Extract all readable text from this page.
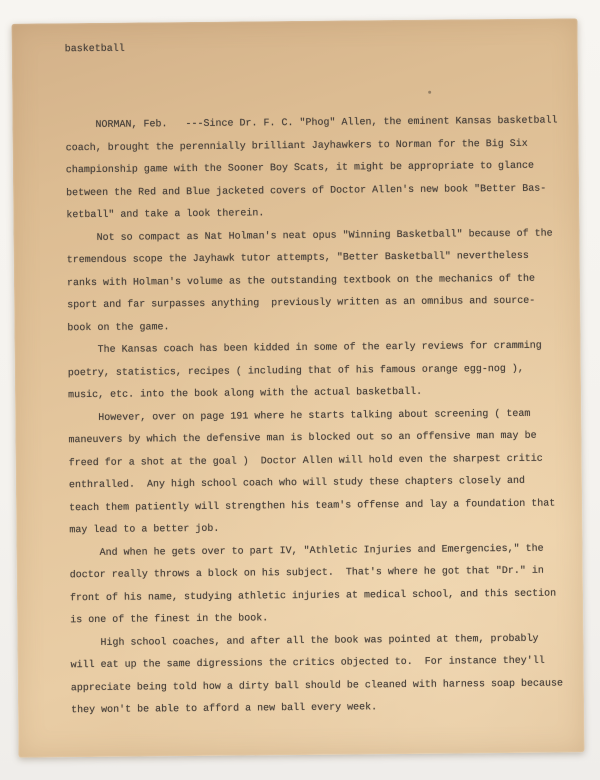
basketball
NORMAN, Feb.   ---Since Dr. F. C. "Phog" Allen, the eminent Kansas basketball
coach, brought the perennially brilliant Jayhawkers to Norman for the Big Six
championship game with the Sooner Boy Scats, it might be appropriate to glance
between the Red and Blue jacketed covers of Doctor Allen's new book "Better Bas-
ketball" and take a look therein.
Not so compact as Nat Holman's neat opus "Winning Basketball" because of the
tremendous scope the Jayhawk tutor attempts, "Better Basketball" nevertheless
ranks with Holman's volume as the outstanding textbook on the mechanics of the
sport and far surpasses anything  previously written as an omnibus and source-
book on the game.
The Kansas coach has been kidded in some of the early reviews for cramming
poetry, statistics, recipes ( including that of his famous orange egg-nog ),
music, etc. into the book along with the actual basketball.
However, over on page 191 where he starts talking about screening ( team
maneuvers by which the defensive man is blocked out so an offensive man may be
freed for a shot at the goal )  Doctor Allen will hold even the sharpest critic
enthralled.  Any high school coach who will study these chapters closely and
teach them patiently will strengthen his team's offense and lay a foundation that
may lead to a better job.
And when he gets over to part IV, "Athletic Injuries and Emergencies," the
doctor really throws a block on his subject.  That's where he got that "Dr." in
front of his name, studying athletic injuries at medical school, and this section
is one of the finest in the book.
High school coaches, and after all the book was pointed at them, probably
will eat up the same digressions the critics objected to.  For instance they'll
appreciate being told how a dirty ball should be cleaned with harness soap because
they won't be able to afford a new ball every week.
